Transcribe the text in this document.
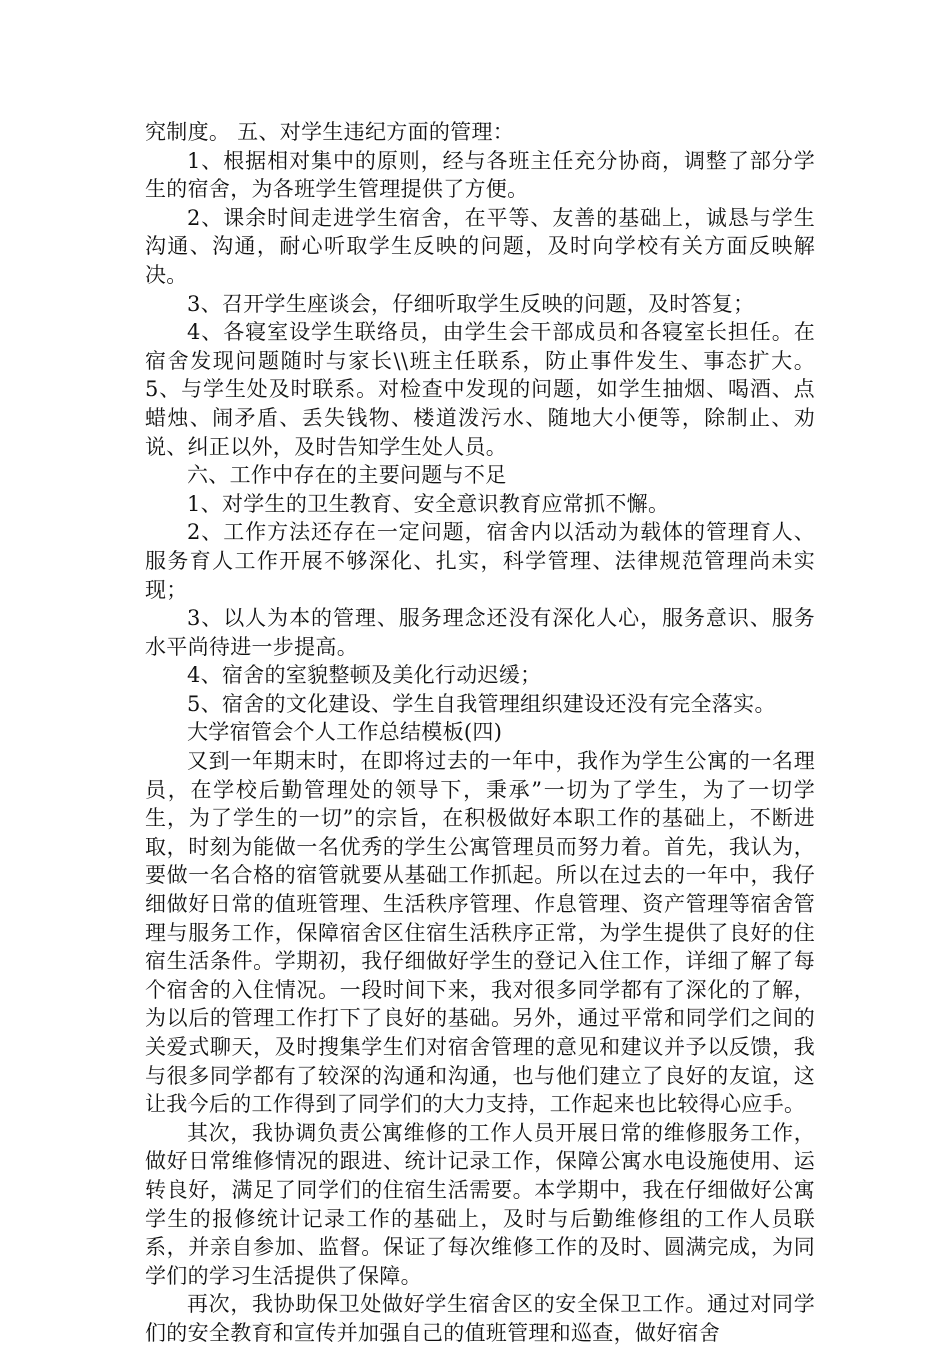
究制度。 五、对学生违纪方面的管理：

1、根据相对集中的原则，经与各班主任充分协商，调整了部分学生的宿舍，为各班学生管理提供了方便。

2、课余时间走进学生宿舍，在平等、友善的基础上，诚恳与学生沟通、沟通，耐心听取学生反映的问题，及时向学校有关方面反映解决。

3、召开学生座谈会，仔细听取学生反映的问题，及时答复；

4、各寝室设学生联络员，由学生会干部成员和各寝室长担任。在宿舍发现问题随时与家长\\班主任联系，防止事件发生、事态扩大。 5、与学生处及时联系。对检查中发现的问题，如学生抽烟、喝酒、点蜡烛、闹矛盾、丢失钱物、楼道泼污水、随地大小便等，除制止、劝说、纠正以外，及时告知学生处人员。

六、工作中存在的主要问题与不足

1、对学生的卫生教育、安全意识教育应常抓不懈。

2、工作方法还存在一定问题，宿舍内以活动为载体的管理育人、服务育人工作开展不够深化、扎实，科学管理、法律规范管理尚未实现；

3、以人为本的管理、服务理念还没有深化人心，服务意识、服务水平尚待进一步提高。

4、宿舍的室貌整顿及美化行动迟缓；

5、宿舍的文化建设、学生自我管理组织建设还没有完全落实。

大学宿管会个人工作总结模板(四)

又到一年期末时，在即将过去的一年中，我作为学生公寓的一名理员，在学校后勤管理处的领导下，秉承”一切为了学生，为了一切学生，为了学生的一切”的宗旨，在积极做好本职工作的基础上，不断进取，时刻为能做一名优秀的学生公寓管理员而努力着。首先，我认为，要做一名合格的宿管就要从基础工作抓起。所以在过去的一年中，我仔细做好日常的值班管理、生活秩序管理、作息管理、资产管理等宿舍管理与服务工作，保障宿舍区住宿生活秩序正常，为学生提供了良好的住宿生活条件。学期初，我仔细做好学生的登记入住工作，详细了解了每个宿舍的入住情况。一段时间下来，我对很多同学都有了深化的了解，为以后的管理工作打下了良好的基础。另外，通过平常和同学们之间的关爱式聊天，及时搜集学生们对宿舍管理的意见和建议并予以反馈，我与很多同学都有了较深的沟通和沟通，也与他们建立了良好的友谊，这让我今后的工作得到了同学们的大力支持，工作起来也比较得心应手。

其次，我协调负责公寓维修的工作人员开展日常的维修服务工作，做好日常维修情况的跟进、统计记录工作，保障公寓水电设施使用、运转良好，满足了同学们的住宿生活需要。本学期中，我在仔细做好公寓学生的报修统计记录工作的基础上，及时与后勤维修组的工作人员联系，并亲自参加、监督。保证了每次维修工作的及时、圆满完成，为同学们的学习生活提供了保障。

再次，我协助保卫处做好学生宿舍区的安全保卫工作。通过对同学们的安全教育和宣传并加强自己的值班管理和巡查，做好宿舍
